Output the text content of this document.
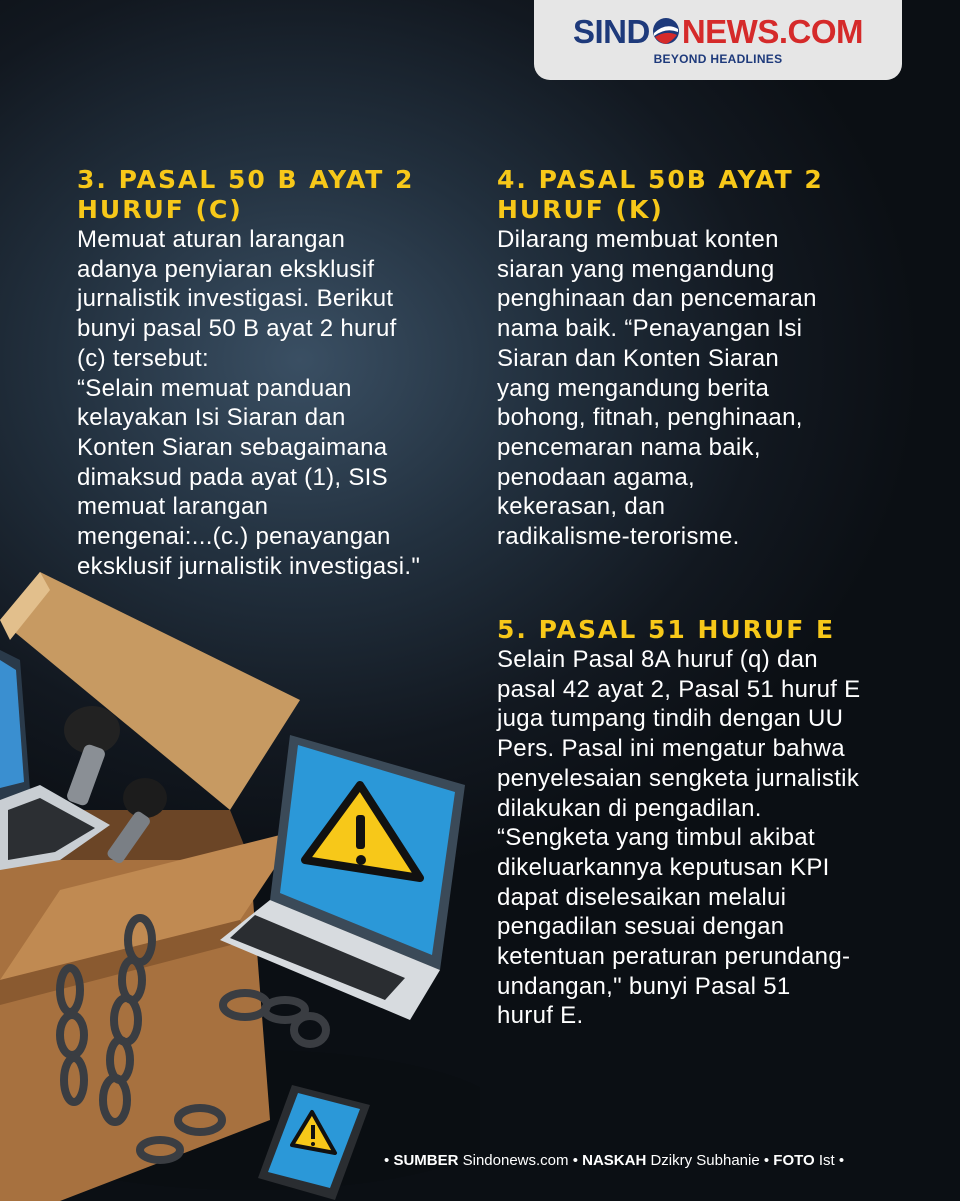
SIND NEWS.COM
BEYOND HEADLINES

3. PASAL 50 B AYAT 2
HURUF (C)

Memuat aturan larangan
adanya penyiaran eksklusif
jurnalistik investigasi. Berikut
bunyi pasal 50 B ayat 2 huruf
(c) tersebut:
“Selain memuat panduan
kelayakan Isi Siaran dan
Konten Siaran sebagaimana
dimaksud pada ayat (1), SIS
memuat larangan
mengenai:...(c.) penayangan
eksklusif jurnalistik investigasi."

4. PASAL 50B AYAT 2
HURUF (K)

Dilarang membuat konten
siaran yang mengandung
penghinaan dan pencemaran
nama baik. “Penayangan Isi
Siaran dan Konten Siaran
yang mengandung berita
bohong, fitnah, penghinaan,
pencemaran nama baik,
penodaan agama,
kekerasan, dan
radikalisme-terorisme.

5. PASAL 51 HURUF E

Selain Pasal 8A huruf (q) dan
pasal 42 ayat 2, Pasal 51 huruf E
juga tumpang tindih dengan UU
Pers. Pasal ini mengatur bahwa
penyelesaian sengketa jurnalistik
dilakukan di pengadilan.
“Sengketa yang timbul akibat
dikeluarkannya keputusan KPI
dapat diselesaikan melalui
pengadilan sesuai dengan
ketentuan peraturan perundang-
undangan," bunyi Pasal 51
huruf E.

• SUMBER Sindonews.com • NASKAH Dzikry Subhanie • FOTO Ist •
